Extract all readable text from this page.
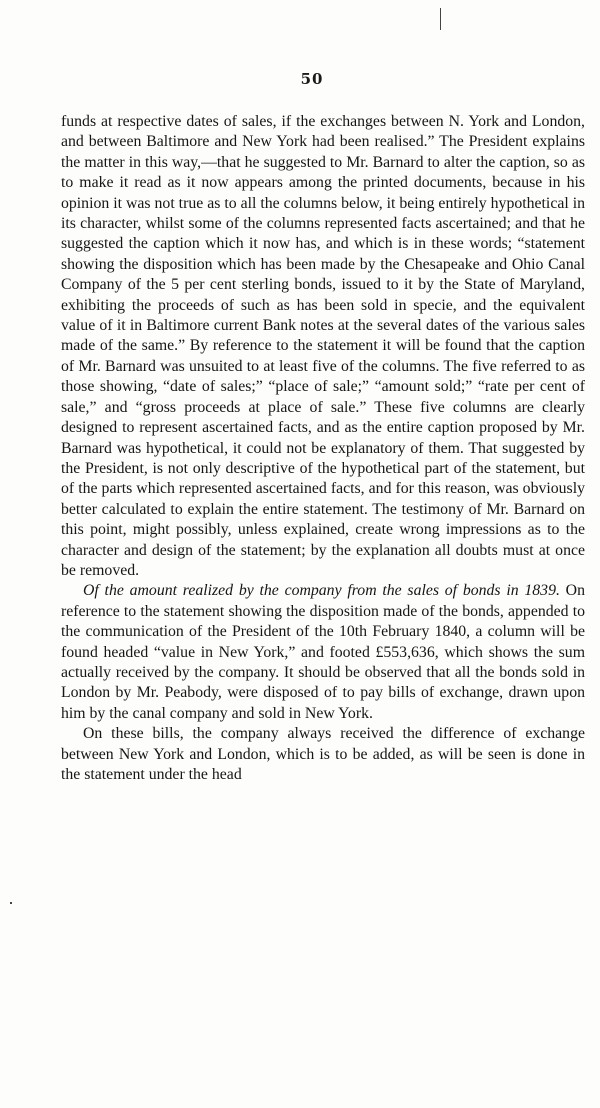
50

funds at respective dates of sales, if the exchanges between N. York and London, and between Baltimore and New York had been realised.” The President explains the matter in this way,—that he suggested to Mr. Barnard to alter the caption, so as to make it read as it now appears among the printed documents, because in his opinion it was not true as to all the columns below, it being entirely hypothetical in its character, whilst some of the columns represented facts ascertained; and that he suggested the caption which it now has, and which is in these words; “statement showing the disposition which has been made by the Chesapeake and Ohio Canal Company of the 5 per cent sterling bonds, issued to it by the State of Maryland, exhibiting the proceeds of such as has been sold in specie, and the equivalent value of it in Baltimore current Bank notes at the several dates of the various sales made of the same.” By reference to the statement it will be found that the caption of Mr. Barnard was unsuited to at least five of the columns. The five referred to as those showing, “date of sales;” “place of sale;” “amount sold;” “rate per cent of sale,” and “gross proceeds at place of sale.” These five columns are clearly designed to represent ascertained facts, and as the entire caption proposed by Mr. Barnard was hypothetical, it could not be explanatory of them. That suggested by the President, is not only descriptive of the hypothetical part of the statement, but of the parts which represented ascertained facts, and for this reason, was obviously better calculated to explain the entire statement. The testimony of Mr. Barnard on this point, might possibly, unless explained, create wrong impressions as to the character and design of the statement; by the explanation all doubts must at once be removed.

Of the amount realized by the company from the sales of bonds in 1839. On reference to the statement showing the disposition made of the bonds, appended to the communication of the President of the 10th February 1840, a column will be found headed “value in New York,” and footed £553,636, which shows the sum actually received by the company. It should be observed that all the bonds sold in London by Mr. Peabody, were disposed of to pay bills of exchange, drawn upon him by the canal company and sold in New York.

On these bills, the company always received the difference of exchange between New York and London, which is to be added, as will be seen is done in the statement under the head
